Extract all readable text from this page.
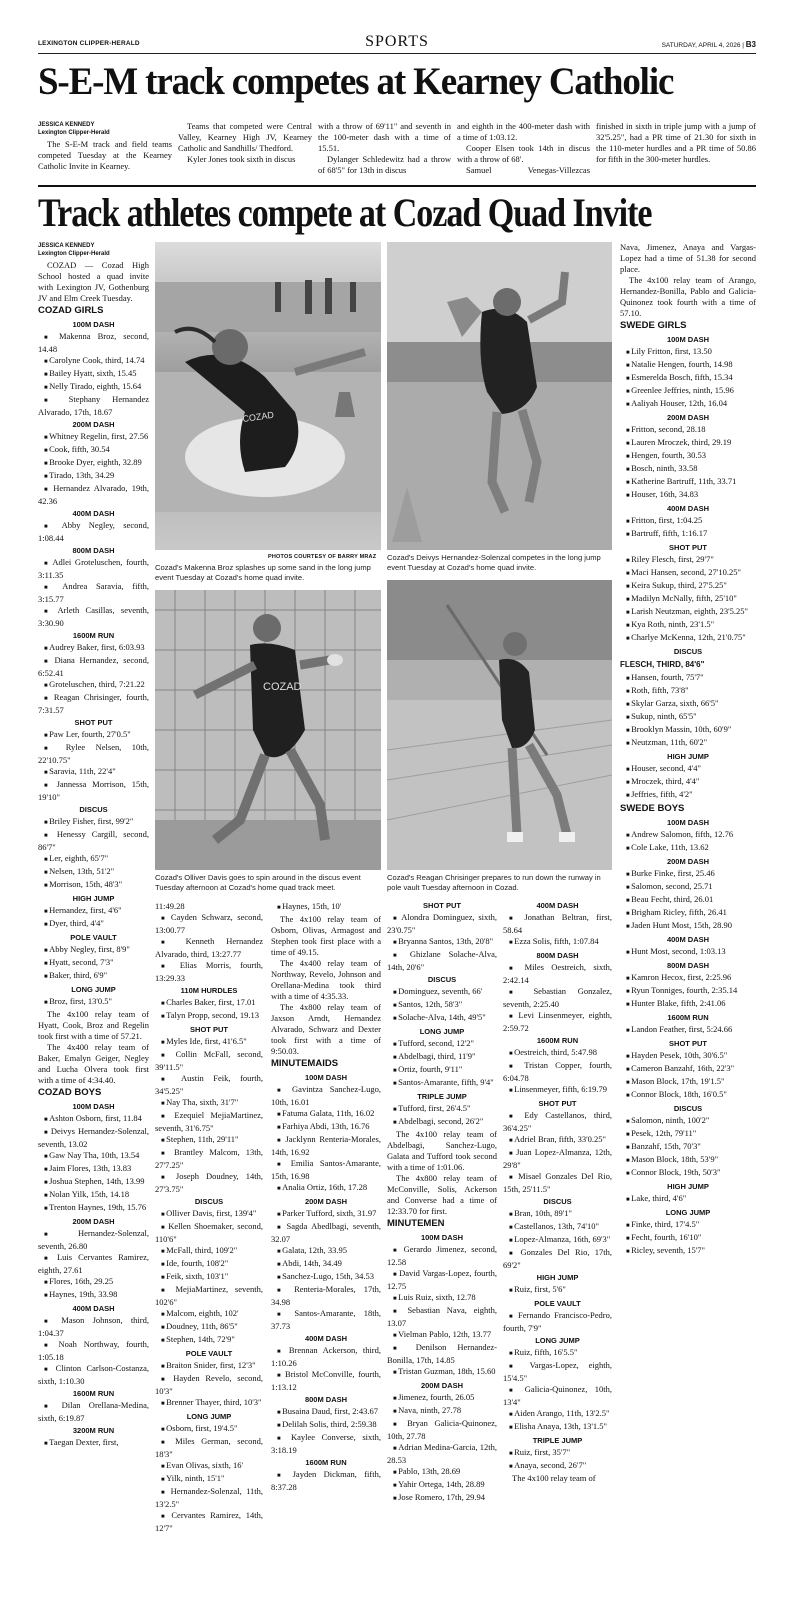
LEXINGTON CLIPPER-HERALD	SPORTS	SATURDAY, APRIL 4, 2026 | B3
S-E-M track competes at Kearney Catholic
JESSICA KENNEDY
Lexington Clipper-Herald

The S-E-M track and field teams competed Tuesday at the Kearney Catholic Invite in Kearney.

Teams that competed were Central Valley, Kearney High JV, Kearney Catholic and Sandhills/ Thedford.

Kyler Jones took sixth in discus

with a throw of 69'11" and seventh in the 100-meter dash with a time of 15.51.

Dylanger Schledewitz had a throw of 68'5" for 13th in discus

and eighth in the 400-meter dash with a time of 1:03.12.

Cooper Elsen took 14th in discus with a throw of 68'.

Samuel Venegas-Villezcas

finished in sixth in triple jump with a jump of 32'5.25", had a PR time of 21.30 for sixth in the 110-meter hurdles and a PR time of 50.86 for fifth in the 300-meter hurdles.

Track athletes compete at Cozad Quad Invite
JESSICA KENNEDY
Lexington Clipper-Herald

COZAD — Cozad High School hosted a quad invite with Lexington JV, Gothenburg JV and Elm Creek Tuesday.

COZAD GIRLS

100M DASH

■ Makenna Broz, second, 14.48

■ Carolyne Cook, third, 14.74

■ Bailey Hyatt, sixth, 15.45

■ Nelly Tirado, eighth, 15.64

■ Stephany Hernandez Alvarado, 17th, 18.67

200M DASH

■ Whitney Regelin, first, 27.56

■ Cook, fifth, 30.54

■ Brooke Dyer, eighth, 32.89

■ Tirado, 13th, 34.29

■ Hernandez Alvarado, 19th, 42.36

400M DASH

■ Abby Negley, second, 1:08.44

800M DASH

■ Adlei Groteluschen, fourth, 3:11.35

■ Andrea Saravia, fifth, 3:15.77

■ Arleth Casillas, seventh, 3:30.90

1600M RUN

■ Audrey Baker, first, 6:03.93

■ Diana Hernandez, second, 6:52.41

■ Groteluschen, third, 7:21.22

■ Reagan Chrisinger, fourth, 7:31.57

SHOT PUT

■ Paw Ler, fourth, 27'0.5"

■ Rylee Nelsen, 10th, 22'10.75"

■ Saravia, 11th, 22'4"

■ Jannessa Morrison, 15th, 19'10"

DISCUS

■ Briley Fisher, first, 99'2"

■ Henessy Cargill, second, 86'7"

■ Ler, eighth, 65'7"

■ Nelsen, 13th, 51'2"

■ Morrison, 15th, 48'3"

HIGH JUMP

■ Hernandez, first, 4'6"

■ Dyer, third, 4'4"

POLE VAULT

■ Abby Negley, first, 8'9"

■ Hyatt, second, 7'3"

■ Baker, third, 6'9"

LONG JUMP

■ Broz, first, 13'0.5"

The 4x100 relay team of Hyatt, Cook, Broz and Regelin took first with a time of 57.21.

The 4x400 relay team of Baker, Emalyn Geiger, Negley and Lucha Olvera took first with a time of 4:34.40.

COZAD BOYS

100M DASH

■ Ashton Osborn, first, 11.84

■ Deivys Hernandez-Solenzal, seventh, 13.02

■ Gaw Nay Tha, 10th, 13.54

■ Jaim Flores, 13th, 13.83

■ Joshua Stephen, 14th, 13.99

■ Nolan Yilk, 15th, 14.18

■ Trenton Haynes, 19th, 15.76

200M DASH

■ Hernandez-Solenzal, seventh, 26.80

■ Luis Cervantes Ramirez, eighth, 27.61

■ Flores, 16th, 29.25

■ Haynes, 19th, 33.98

400M DASH

■ Mason Johnson, third, 1:04.37

■ Noah Northway, fourth, 1:05.18

■ Clinton Carlson-Costanza, sixth, 1:10.30

1600M RUN

■ Dilan Orellana-Medina, sixth, 6:19.87

3200M RUN

■ Taegan Dexter, first,

COZAD
PHOTOS COURTESY OF BARRY MRAZ
Cozad's Makenna Broz splashes up some sand in the long jump event Tuesday at Cozad's home quad invite.
Cozad's Deivys Hernandez-Solenzal competes in the long jump event Tuesday at Cozad's home quad invite.
COZAD
Cozad's Olliver Davis goes to spin around in the discus event Tuesday afternoon at Cozad's home quad track meet.
Cozad's Reagan Chrisinger prepares to run down the runway in pole vault Tuesday afternoon in Cozad.

11:49.28

■ Cayden Schwarz, second, 13:00.77

■ Kenneth Hernandez Alvarado, third, 13:27.77

■ Elias Morris, fourth, 13:29.33

110M HURDLES

■ Charles Baker, first, 17.01

■ Talyn Propp, second, 19.13

SHOT PUT

■ Myles Ide, first, 41'6.5"

■ Collin McFall, second, 39'11.5"

■ Austin Feik, fourth, 34'5.25"

■ Nay Tha, sixth, 31'7"

■ Ezequiel MejiaMartinez, seventh, 31'6.75"

■ Stephen, 11th, 29'11"

■ Brantley Malcom, 13th, 27'7.25"

■ Joseph Doudney, 14th, 27'3.75"

DISCUS

■ Olliver Davis, first, 139'4"

■ Kellen Shoemaker, second, 110'6"

■ McFall, third, 109'2"

■ Ide, fourth, 108'2"

■ Feik, sixth, 103'1"

■ MejiaMartinez, seventh, 102'6"

■ Malcom, eighth, 102'

■ Doudney, 11th, 86'5"

■ Stephen, 14th, 72'9"

POLE VAULT

■ Braiton Snider, first, 12'3"

■ Hayden Revelo, second, 10'3"

■ Brenner Thayer, third, 10'3"

LONG JUMP

■ Osborn, first, 19'4.5"

■ Miles German, second, 18'3"

■ Evan Olivas, sixth, 16'

■ Yilk, ninth, 15'1"

■ Hernandez-Solenzal, 11th, 13'2.5"

■ Cervantes Ramirez, 14th, 12'7"

■ Haynes, 15th, 10'

The 4x100 relay team of Osborn, Olivas, Armagost and Stephen took first place with a time of 49.15.

The 4x400 relay team of Northway, Revelo, Johnson and Orellana-Medina took third with a time of 4:35.33.

The 4x800 relay team of Jaxson Arndt, Hernandez Alvarado, Schwarz and Dexter took first with a time of 9:50.03.

MINUTEMAIDS

100M DASH

■ Gavintza Sanchez-Lugo, 10th, 16.01

■ Fatuma Galata, 11th, 16.02

■ Farhiya Abdi, 13th, 16.76

■ Jacklynn Renteria-Morales, 14th, 16.92

■ Emilia Santos-Amarante, 15th, 16.98

■ Analia Ortiz, 16th, 17.28

200M DASH

■ Parker Tufford, sixth, 31.97

■ Sagda Abedlbagi, seventh, 32.07

■ Galata, 12th, 33.95

■ Abdi, 14th, 34.49

■ Sanchez-Lugo, 15th, 34.53

■ Renteria-Morales, 17th, 34.98

■ Santos-Amarante, 18th, 37.73

400M DASH

■ Brennan Ackerson, third, 1:10.26

■ Bristol McConville, fourth, 1:13.12

800M DASH

■ Busaina Daud, first, 2:43.67

■ Delilah Solis, third, 2:59.38

■ Kaylee Converse, sixth, 3:18.19

1600M RUN

■ Jayden Dickman, fifth, 8:37.28

SHOT PUT

■ Alondra Dominguez, sixth, 23'0.75"

■ Bryanna Santos, 13th, 20'8"

■ Ghizlane Solache-Alva, 14th, 20'6"

DISCUS

■ Dominguez, seventh, 66'

■ Santos, 12th, 58'3"

■ Solache-Alva, 14th, 49'5"

LONG JUMP

■ Tufford, second, 12'2"

■ Abdelbagi, third, 11'9"

■ Ortiz, fourth, 9'11"

■ Santos-Amarante, fifth, 9'4"

TRIPLE JUMP

■ Tufford, first, 26'4.5"

■ Abdelbagi, second, 26'2"

The 4x100 relay team of Abdelbagi, Sanchez-Lugo, Galata and Tufford took second with a time of 1:01.06.

The 4x800 relay team of McConville, Solis, Ackerson and Converse had a time of 12:33.70 for first.

MINUTEMEN

100M DASH

■ Gerardo Jimenez, second, 12.58

■ David Vargas-Lopez, fourth, 12.75

■ Luis Ruiz, sixth, 12.78

■ Sebastian Nava, eighth, 13.07

■ Vielman Pablo, 12th, 13.77

■ Denilson Hernandez-Bonilla, 17th, 14.85

■ Tristan Guzman, 18th, 15.60

200M DASH

■ Jimenez, fourth, 26.05

■ Nava, ninth, 27.78

■ Bryan Galicia-Quinonez, 10th, 27.78

■ Adrian Medina-Garcia, 12th, 28.53

■ Pablo, 13th, 28.69

■ Yahir Ortega, 14th, 28.89

■ Jose Romero, 17th, 29.94

400M DASH

■ Jonathan Beltran, first, 58.64

■ Ezza Solis, fifth, 1:07.84

800M DASH

■ Miles Oestreich, sixth, 2:42.14

■ Sebastian Gonzalez, seventh, 2:25.40

■ Levi Linsenmeyer, eighth, 2:59.72

1600M RUN

■ Oestreich, third, 5:47.98

■ Tristan Copper, fourth, 6:04.78

■ Linsenmeyer, fifth, 6:19.79

SHOT PUT

■ Edy Castellanos, third, 36'4.25"

■ Adriel Bran, fifth, 33'0.25"

■ Juan Lopez-Almanza, 12th, 29'8"

■ Misael Gonzales Del Rio, 15th, 25'11.5"

DISCUS

■ Bran, 10th, 89'1"

■ Castellanos, 13th, 74'10"

■ Lopez-Almanza, 16th, 69'3"

■ Gonzales Del Rio, 17th, 69'2"

HIGH JUMP

■ Ruiz, first, 5'6"

POLE VAULT

■ Fernando Francisco-Pedro, fourth, 7'9"

LONG JUMP

■ Ruiz, fifth, 16'5.5"

■ Vargas-Lopez, eighth, 15'4.5"

■ Galicia-Quinonez, 10th, 13'4"

■ Aiden Arango, 11th, 13'2.5"

■ Elisha Anaya, 13th, 13'1.5"

TRIPLE JUMP

■ Ruiz, first, 35'7"

■ Anaya, second, 26'7"

The 4x100 relay team of

Nava, Jimenez, Anaya and Vargas-Lopez had a time of 51.38 for second place.

The 4x100 relay team of Arango, Hernandez-Bonilla, Pablo and Galicia-Quinonez took fourth with a time of 57.10.

SWEDE GIRLS

100M DASH

■ Lily Fritton, first, 13.50

■ Natalie Hengen, fourth, 14.98

■ Esmerelda Bosch, fifth, 15.34

■ Greenlee Jeffries, ninth, 15.96

■ Aaliyah Houser, 12th, 16.04

200M DASH

■ Fritton, second, 28.18

■ Lauren Mroczek, third, 29.19

■ Hengen, fourth, 30.53

■ Bosch, ninth, 33.58

■ Katherine Bartruff, 11th, 33.71

■ Houser, 16th, 34.83

400M DASH

■ Fritton, first, 1:04.25

■ Bartruff, fifth, 1:16.17

SHOT PUT

■ Riley Flesch, first, 29'7"

■ Maci Hansen, second, 27'10.25"

■ Keira Sukup, third, 27'5.25"

■ Madilyn McNally, fifth, 25'10"

■ Larish Neutzman, eighth, 23'5.25"

■ Kya Roth, ninth, 23'1.5"

■ Charlye McKenna, 12th, 21'0.75"

DISCUS

FLESCH, THIRD, 84'6"

■ Hansen, fourth, 75'7"

■ Roth, fifth, 73'8"

■ Skylar Garza, sixth, 66'5"

■ Sukup, ninth, 65'5"

■ Brooklyn Massin, 10th, 60'9"

■ Neutzman, 11th, 60'2"

HIGH JUMP

■ Houser, second, 4'4"

■ Mroczek, third, 4'4"

■ Jeffries, fifth, 4'2"

SWEDE BOYS

100M DASH

■ Andrew Salomon, fifth, 12.76

■ Cole Lake, 11th, 13.62

200M DASH

■ Burke Finke, first, 25.46

■ Salomon, second, 25.71

■ Beau Fecht, third, 26.01

■ Brigham Ricley, fifth, 26.41

■ Jaden Hunt Most, 15th, 28.90

400M DASH

■ Hunt Most, second, 1:03.13

800M DASH

■ Kamron Hecox, first, 2:25.96

■ Ryun Tonniges, fourth, 2:35.14

■ Hunter Blake, fifth, 2:41.06

1600M RUN

■ Landon Feather, first, 5:24.66

SHOT PUT

■ Hayden Pesek, 10th, 30'6.5"

■ Cameron Banzahf, 16th, 22'3"

■ Mason Block, 17th, 19'1.5"

■ Connor Block, 18th, 16'0.5"

DISCUS

■ Salomon, ninth, 100'2"

■ Pesek, 12th, 79'11"

■ Banzahf, 15th, 70'3"

■ Mason Block, 18th, 53'9"

■ Connor Block, 19th, 50'3"

HIGH JUMP

■ Lake, third, 4'6"

LONG JUMP

■ Finke, third, 17'4.5"

■ Fecht, fourth, 16'10"

■ Ricley, seventh, 15'7"
